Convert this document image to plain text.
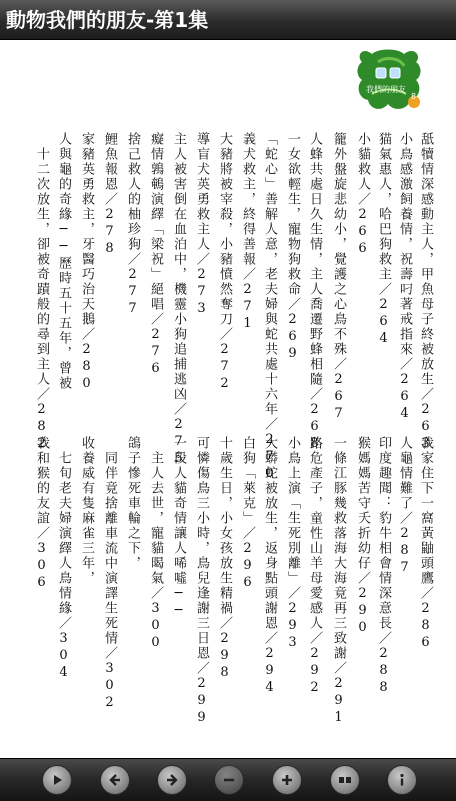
動物我們的朋友-第1集
我們的朋友
8
舐犢情深感動主人，甲魚母子終被放生／263
小鳥感激飼養情，祝壽叼著戒指來／264
猫氣惠人，哈巴狗救主／264
小貓救人／266
籠外盤旋悲幼小，覺護之心鳥不殊／267
人蜂共處日久生情，主人喬遷野蜂相隨／268
一女欲輕生，寵物狗救命／269
「蛇心」善解人意，老夫婦與蛇共處十六年／270
義犬救主，終得善報／271
大豬將被宰殺，小豬憤然奪刀／272
導盲犬英勇救主人／273
主人被害倒在血泊中，機靈小狗追捕逃凶／275
癡情鶉鵪演繹「梁祝」絕唱／276
捨己救人的柚珍狗／277
鯉魚報恩／278
家豬英勇救主，牙醫巧治天鵝／280
人與龜的奇緣──歷時五十五年，曾被
　十二次放生，卻被奇蹟般的尋到主人／282
我家住下一窩黃鼬頭鷹／286
人龜情難了／287
印度趣聞：豹牛相會情深意長／288
猴媽媽苦守夭折幼仔／290
一條江豚幾救落海大海竟再三致謝／291
路危產子，童性山羊母愛感人／292
小鳥上演「生死別離」／293
大蟒蛇被放生，返身點頭謝恩／294
白狗「萊克」／296
十歲生日，小女孩放生精禍／298
可憐傷鳥三小時，鳥兒逢謝三日恩／299
一段人貓奇情讓人唏噓──
　主人去世，寵貓暍氣／300
鴿子慘死車輪之下，
　同伴竟捨離車流中演譯生死情／302
收養威有隻麻雀三年，
　七旬老夫婦演繹人鳥情緣／304
我和猴的友誼／306
